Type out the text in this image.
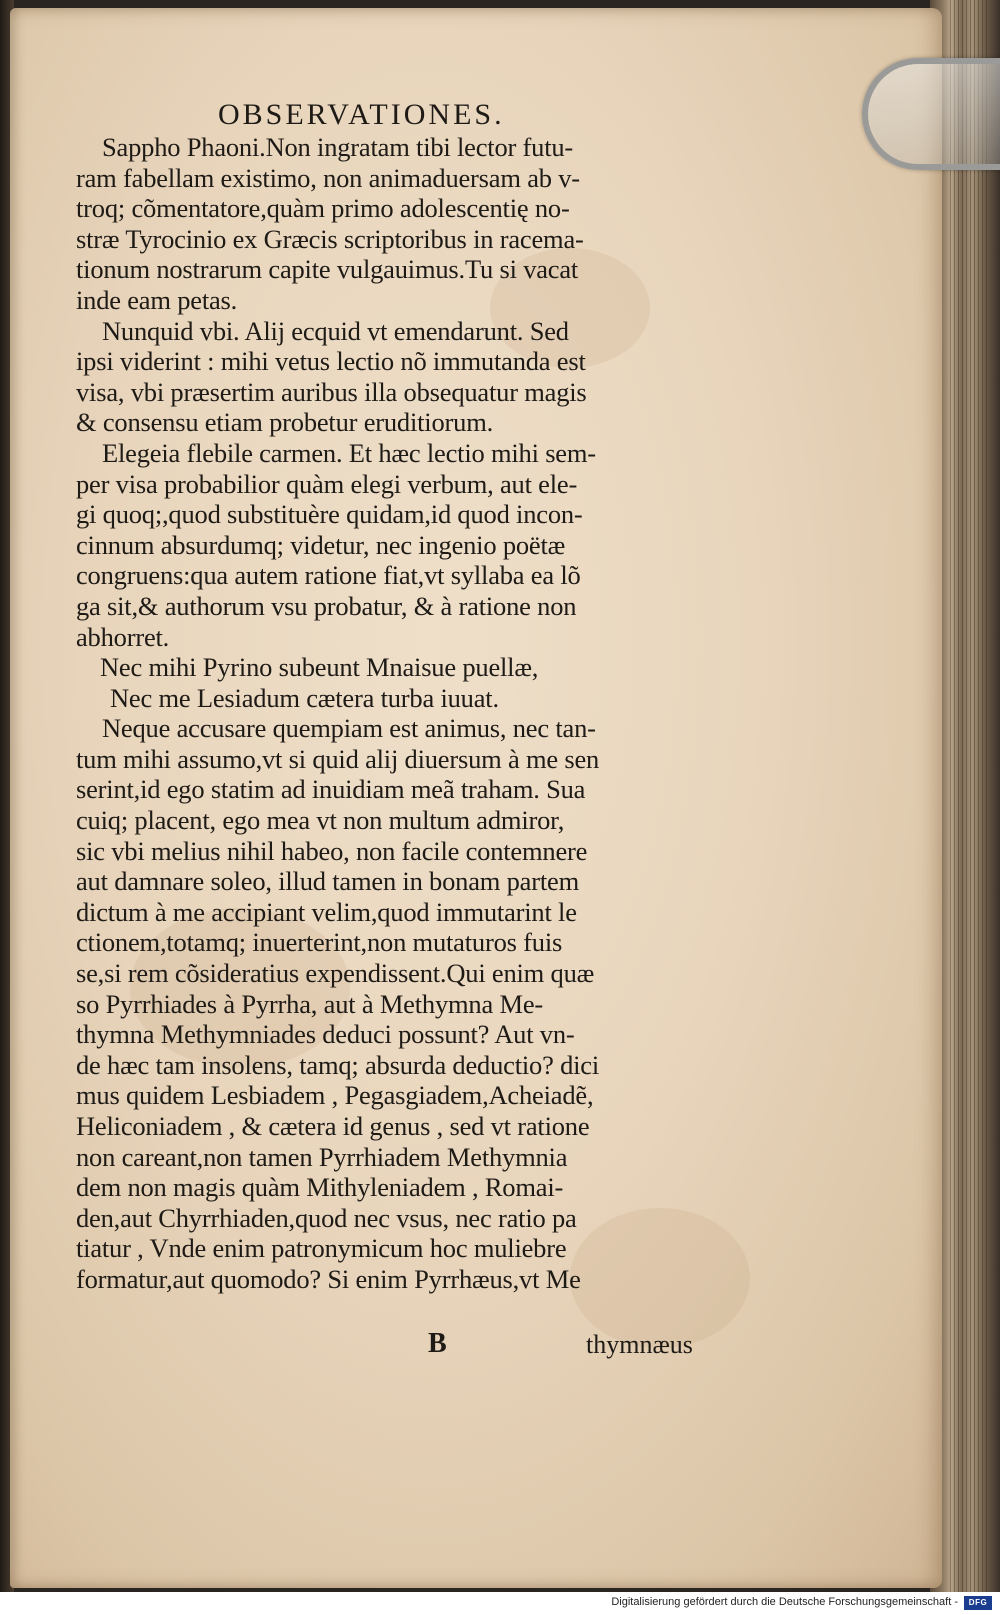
OBSERVATIONES.
Sappho Phaoni.Non ingratam tibi lector futu-
ram fabellam existimo, non animaduersam ab v-
troq; cõmentatore,quàm primo adolescentię no-
stræ Tyrocinio ex Græcis scriptoribus in racema-
tionum nostrarum capite vulgauimus.Tu si vacat
inde eam petas.
Nunquid vbi. Alij ecquid vt emendarunt. Sed
ipsi viderint : mihi vetus lectio nõ immutanda est
visa, vbi præsertim auribus illa obsequatur magis
& consensu etiam probetur eruditiorum.
Elegeia flebile carmen. Et hæc lectio mihi sem-
per visa probabilior quàm elegi verbum, aut ele-
gi quoq;,quod substituère quidam,id quod incon-
cinnum absurdumq; videtur, nec ingenio poëtæ
congruens:qua autem ratione fiat,vt syllaba ea lõ
ga sit,& authorum vsu probatur, & à ratione non
abhorret.
Nec mihi Pyrino subeunt Mnaisue puellæ,
Nec me Lesiadum cætera turba iuuat.
Neque accusare quempiam est animus, nec tan-
tum mihi assumo,vt si quid alij diuersum à me sen
serint,id ego statim ad inuidiam meã traham. Sua
cuiq; placent, ego mea vt non multum admiror,
sic vbi melius nihil habeo, non facile contemnere
aut damnare soleo, illud tamen in bonam partem
dictum à me accipiant velim,quod immutarint le
ctionem,totamq; inuerterint,non mutaturos fuis
se,si rem cõsideratius expendissent.Qui enim quæ
so Pyrrhiades à Pyrrha, aut à Methymna Me-
thymna Methymniades deduci possunt? Aut vn-
de hæc tam insolens, tamq; absurda deductio? dici
mus quidem Lesbiadem , Pegasgiadem,Acheiadẽ,
Heliconiadem , & cætera id genus , sed vt ratione
non careant,non tamen Pyrrhiadem Methymnia
dem non magis quàm Mithyleniadem , Romai-
den,aut Chyrrhiaden,quod nec vsus, nec ratio pa
tiatur , Vnde enim patronymicum hoc muliebre
formatur,aut quomodo? Si enim Pyrrhæus,vt Me
B	thymnæus
Digitalisierung gefördert durch die Deutsche Forschungsgemeinschaft -	DFG
